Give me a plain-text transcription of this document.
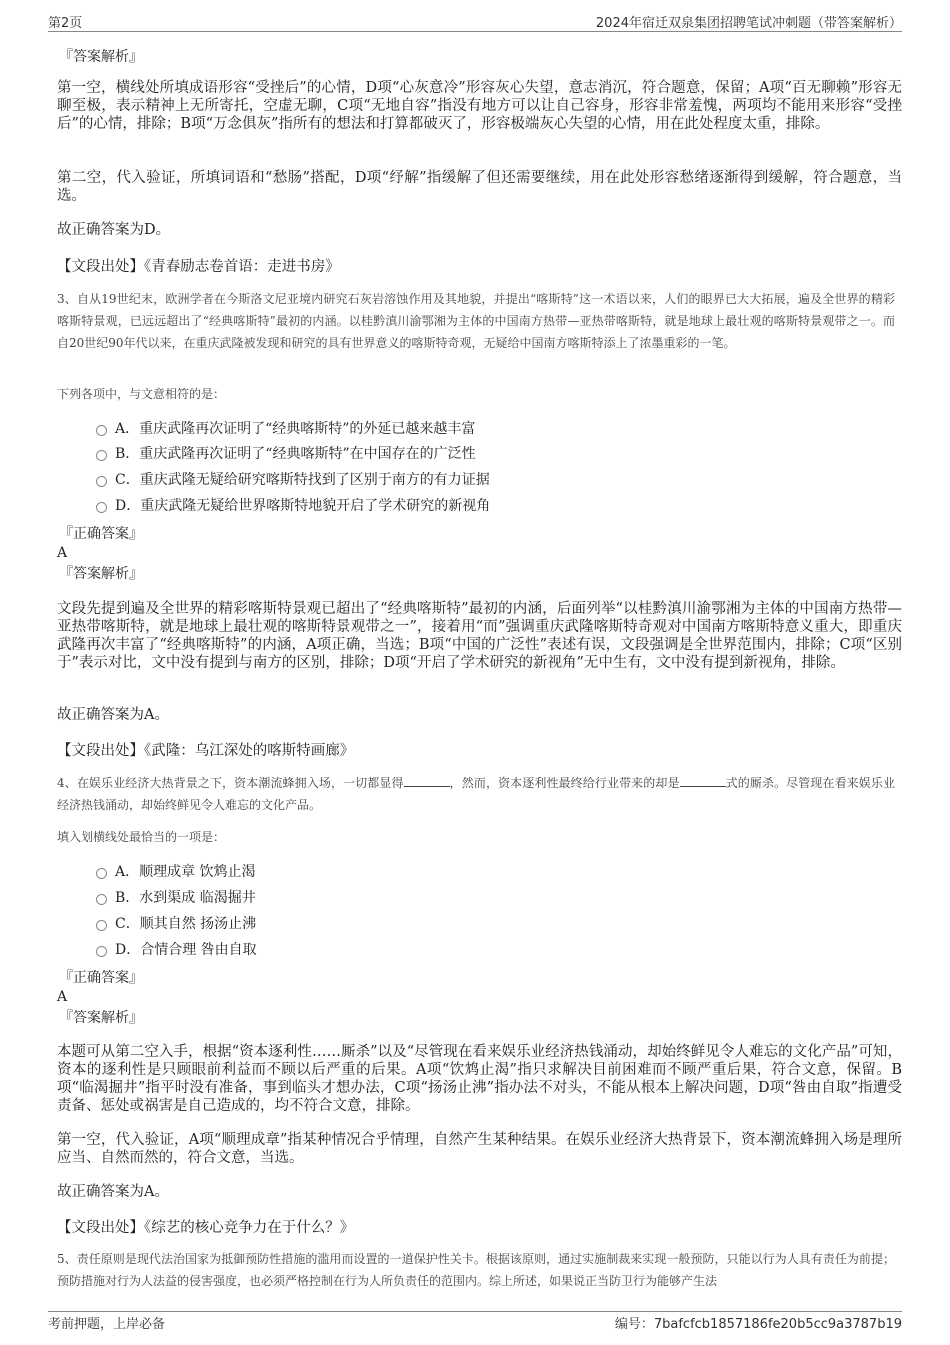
第2页	2024年宿迁双泉集团招聘笔试冲刺题（带答案解析）
『答案解析』
第一空，横线处所填成语形容“受挫后”的心情，D项“心灰意冷”形容灰心失望，意志消沉，符合题意，保留；A项“百无聊赖”形容无聊至极，表示精神上无所寄托，空虚无聊，C项“无地自容”指没有地方可以让自己容身，形容非常羞愧，两项均不能用来形容“受挫后”的心情，排除；B项“万念俱灰”指所有的想法和打算都破灭了，形容极端灰心失望的心情，用在此处程度太重，排除。
第二空，代入验证，所填词语和“愁肠”搭配，D项“纾解”指缓解了但还需要继续，用在此处形容愁绪逐渐得到缓解，符合题意，当选。
故正确答案为D。
【文段出处】《青春励志卷首语：走进书房》
3、自从19世纪末，欧洲学者在今斯洛文尼亚境内研究石灰岩溶蚀作用及其地貌，并提出“喀斯特”这一术语以来，人们的眼界已大大拓展，遍及全世界的精彩喀斯特景观，已远远超出了“经典喀斯特”最初的内涵。以桂黔滇川渝鄂湘为主体的中国南方热带—亚热带喀斯特，就是地球上最壮观的喀斯特景观带之一。而自20世纪90年代以来，在重庆武隆被发现和研究的具有世界意义的喀斯特奇观，无疑给中国南方喀斯特添上了浓墨重彩的一笔。
下列各项中，与文意相符的是：
A．重庆武隆再次证明了“经典喀斯特”的外延已越来越丰富
B．重庆武隆再次证明了“经典喀斯特”在中国存在的广泛性
C．重庆武隆无疑给研究喀斯特找到了区别于南方的有力证据
D．重庆武隆无疑给世界喀斯特地貌开启了学术研究的新视角
『正确答案』
A
『答案解析』
文段先提到遍及全世界的精彩喀斯特景观已超出了“经典喀斯特”最初的内涵，后面列举“以桂黔滇川渝鄂湘为主体的中国南方热带—亚热带喀斯特，就是地球上最壮观的喀斯特景观带之一”，接着用“而”强调重庆武隆喀斯特奇观对中国南方喀斯特意义重大，即重庆武隆再次丰富了“经典喀斯特”的内涵，A项正确，当选；B项“中国的广泛性”表述有误，文段强调是全世界范围内，排除；C项“区别于”表示对比，文中没有提到与南方的区别，排除；D项“开启了学术研究的新视角”无中生有，文中没有提到新视角，排除。
故正确答案为A。
【文段出处】《武隆：乌江深处的喀斯特画廊》
4、在娱乐业经济大热背景之下，资本潮流蜂拥入场，一切都显得	，然而，资本逐利性最终给行业带来的却是	式的厮杀。尽管现在看来娱乐业经济热钱涌动，却始终鲜见令人难忘的文化产品。
填入划横线处最恰当的一项是：
A．顺理成章 饮鸩止渴
B．水到渠成 临渴掘井
C．顺其自然 扬汤止沸
D．合情合理 咎由自取
『正确答案』
A
『答案解析』
本题可从第二空入手，根据“资本逐利性……厮杀”以及“尽管现在看来娱乐业经济热钱涌动，却始终鲜见令人难忘的文化产品”可知，资本的逐利性是只顾眼前利益而不顾以后严重的后果。A项“饮鸩止渴”指只求解决目前困难而不顾严重后果，符合文意，保留。B项“临渴掘井”指平时没有准备，事到临头才想办法，C项“扬汤止沸”指办法不对头，不能从根本上解决问题，D项“咎由自取”指遭受责备、惩处或祸害是自己造成的，均不符合文意，排除。
第一空，代入验证，A项“顺理成章”指某种情况合乎情理，自然产生某种结果。在娱乐业经济大热背景下，资本潮流蜂拥入场是理所应当、自然而然的，符合文意，当选。
故正确答案为A。
【文段出处】《综艺的核心竞争力在于什么？》
5、责任原则是现代法治国家为抵御预防性措施的滥用而设置的一道保护性关卡。根据该原则，通过实施制裁来实现一般预防，只能以行为人具有责任为前提；预防措施对行为人法益的侵害强度，也必须严格控制在行为人所负责任的范围内。综上所述，如果说正当防卫行为能够产生法
考前押题，上岸必备	编号：7bafcfcb1857186fe20b5cc9a3787b19
